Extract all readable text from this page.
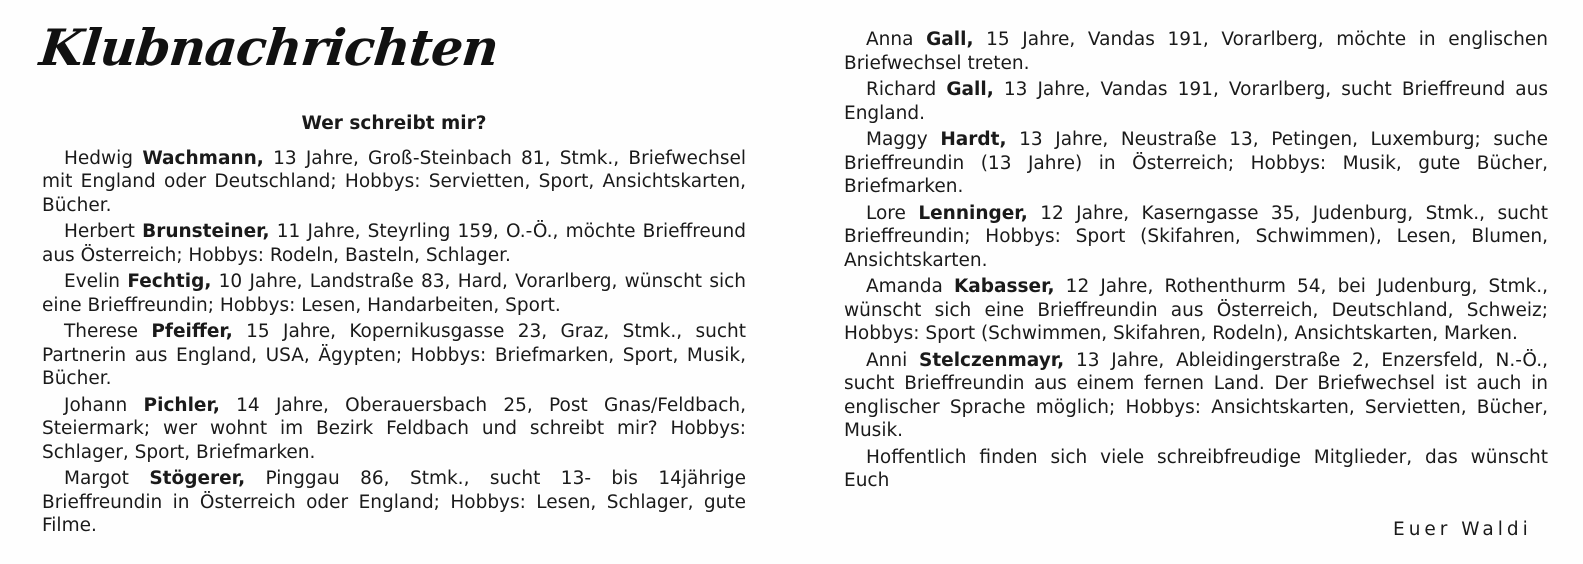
Klubnachrichten

Wer schreibt mir?

Hedwig Wachmann, 13 Jahre, Groß-Steinbach 81, Stmk., Briefwechsel mit England oder Deutschland; Hobbys: Servietten, Sport, Ansichtskarten, Bücher.

Herbert Brunsteiner, 11 Jahre, Steyrling 159, O.-Ö., möchte Brieffreund aus Österreich; Hobbys: Rodeln, Basteln, Schlager.

Evelin Fechtig, 10 Jahre, Landstraße 83, Hard, Vorarlberg, wünscht sich eine Brieffreundin; Hobbys: Lesen, Handarbeiten, Sport.

Therese Pfeiffer, 15 Jahre, Kopernikusgasse 23, Graz, Stmk., sucht Partnerin aus England, USA, Ägypten; Hobbys: Briefmarken, Sport, Musik, Bücher.

Johann Pichler, 14 Jahre, Oberauersbach 25, Post Gnas/Feldbach, Steiermark; wer wohnt im Bezirk Feldbach und schreibt mir? Hobbys: Schlager, Sport, Briefmarken.

Margot Stögerer, Pinggau 86, Stmk., sucht 13- bis 14jährige Brieffreundin in Österreich oder England; Hobbys: Lesen, Schlager, gute Filme.

Anna Gall, 15 Jahre, Vandas 191, Vorarlberg, möchte in englischen Briefwechsel treten.

Richard Gall, 13 Jahre, Vandas 191, Vorarlberg, sucht Brieffreund aus England.

Maggy Hardt, 13 Jahre, Neustraße 13, Petingen, Luxemburg; suche Brieffreundin (13 Jahre) in Österreich; Hobbys: Musik, gute Bücher, Briefmarken.

Lore Lenninger, 12 Jahre, Kaserngasse 35, Judenburg, Stmk., sucht Brieffreundin; Hobbys: Sport (Skifahren, Schwimmen), Lesen, Blumen, Ansichtskarten.

Amanda Kabasser, 12 Jahre, Rothenthurm 54, bei Judenburg, Stmk., wünscht sich eine Brieffreundin aus Österreich, Deutschland, Schweiz; Hobbys: Sport (Schwimmen, Skifahren, Rodeln), Ansichtskarten, Marken.

Anni Stelczenmayr, 13 Jahre, Ableidingerstraße 2, Enzersfeld, N.-Ö., sucht Brieffreundin aus einem fernen Land. Der Briefwechsel ist auch in englischer Sprache möglich; Hobbys: Ansichtskarten, Servietten, Bücher, Musik.

Hoffentlich finden sich viele schreibfreudige Mitglieder, das wünscht Euch

Euer Waldi
